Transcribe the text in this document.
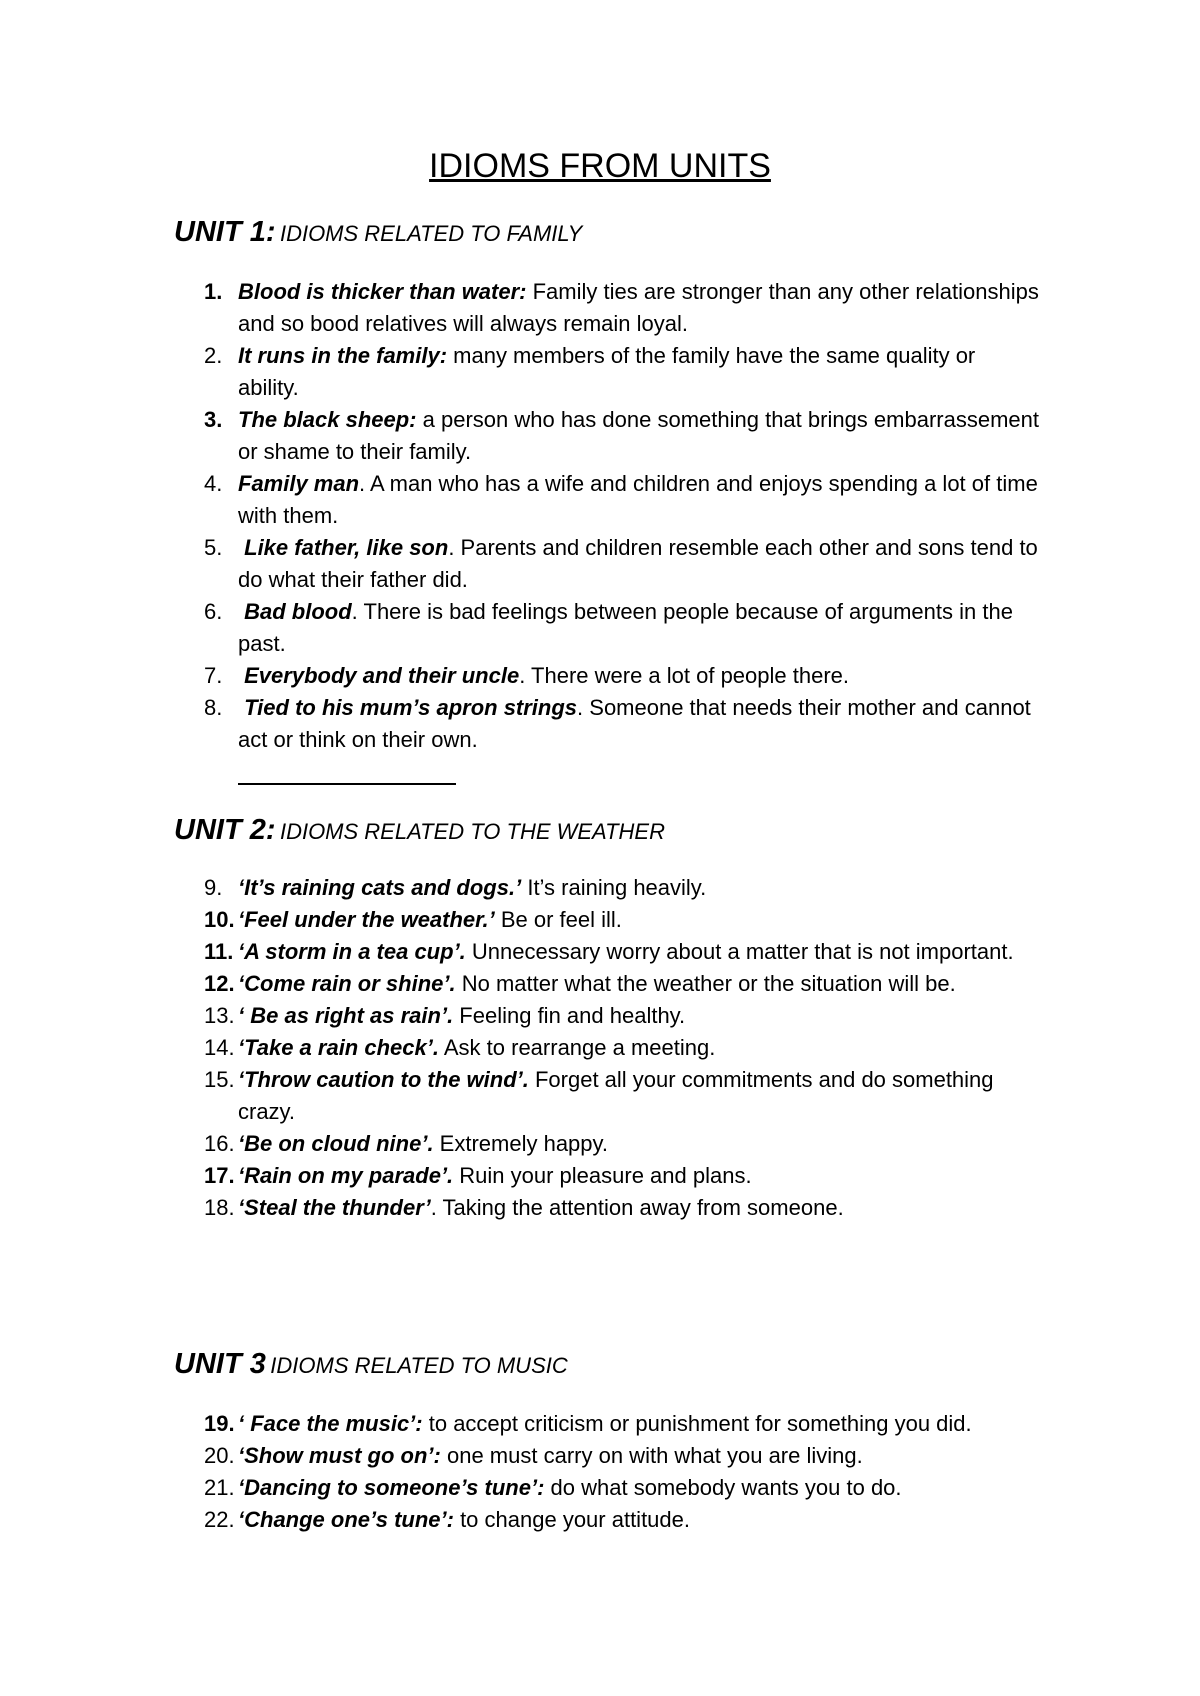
IDIOMS FROM UNITS
UNIT 1: IDIOMS RELATED TO FAMILY
1. Blood is thicker than water: Family ties are stronger than any other relationships and so bood relatives will always remain loyal.
2. It runs in the family: many members of the family have the same quality or ability.
3. The black sheep: a person who has done something that brings embarrassement or shame to their family.
4. Family man. A man who has a wife and children and enjoys spending a lot of time with them.
5. Like father, like son. Parents and children resemble each other and sons tend to do what their father did.
6. Bad blood. There is bad feelings between people because of arguments in the past.
7. Everybody and their uncle. There were a lot of people there.
8. Tied to his mum’s apron strings. Someone that needs their mother and cannot act or think on their own.
UNIT 2: IDIOMS RELATED TO THE WEATHER
9. ‘It’s raining cats and dogs.’ It’s raining heavily.
10. ‘Feel under the weather.’ Be or feel ill.
11. ‘A storm in a tea cup’. Unnecessary worry about a matter that is not important.
12. ‘Come rain or shine’. No matter what the weather or the situation will be.
13. ‘ Be as right as rain’. Feeling fin and healthy.
14. ‘Take a rain check’. Ask to rearrange a meeting.
15. ‘Throw caution to the wind’. Forget all your commitments and do something crazy.
16. ‘Be on cloud nine’. Extremely happy.
17. ‘Rain on my parade’. Ruin your pleasure and plans.
18. ‘Steal the thunder’. Taking the attention away from someone.
UNIT 3 IDIOMS RELATED TO MUSIC
19. ‘ Face the music’: to accept criticism or punishment for something you did.
20. ‘Show must go on’: one must carry on with what you are living.
21. ‘Dancing to someone’s tune’: do what somebody wants you to do.
22. ‘Change one’s tune’: to change your attitude.
